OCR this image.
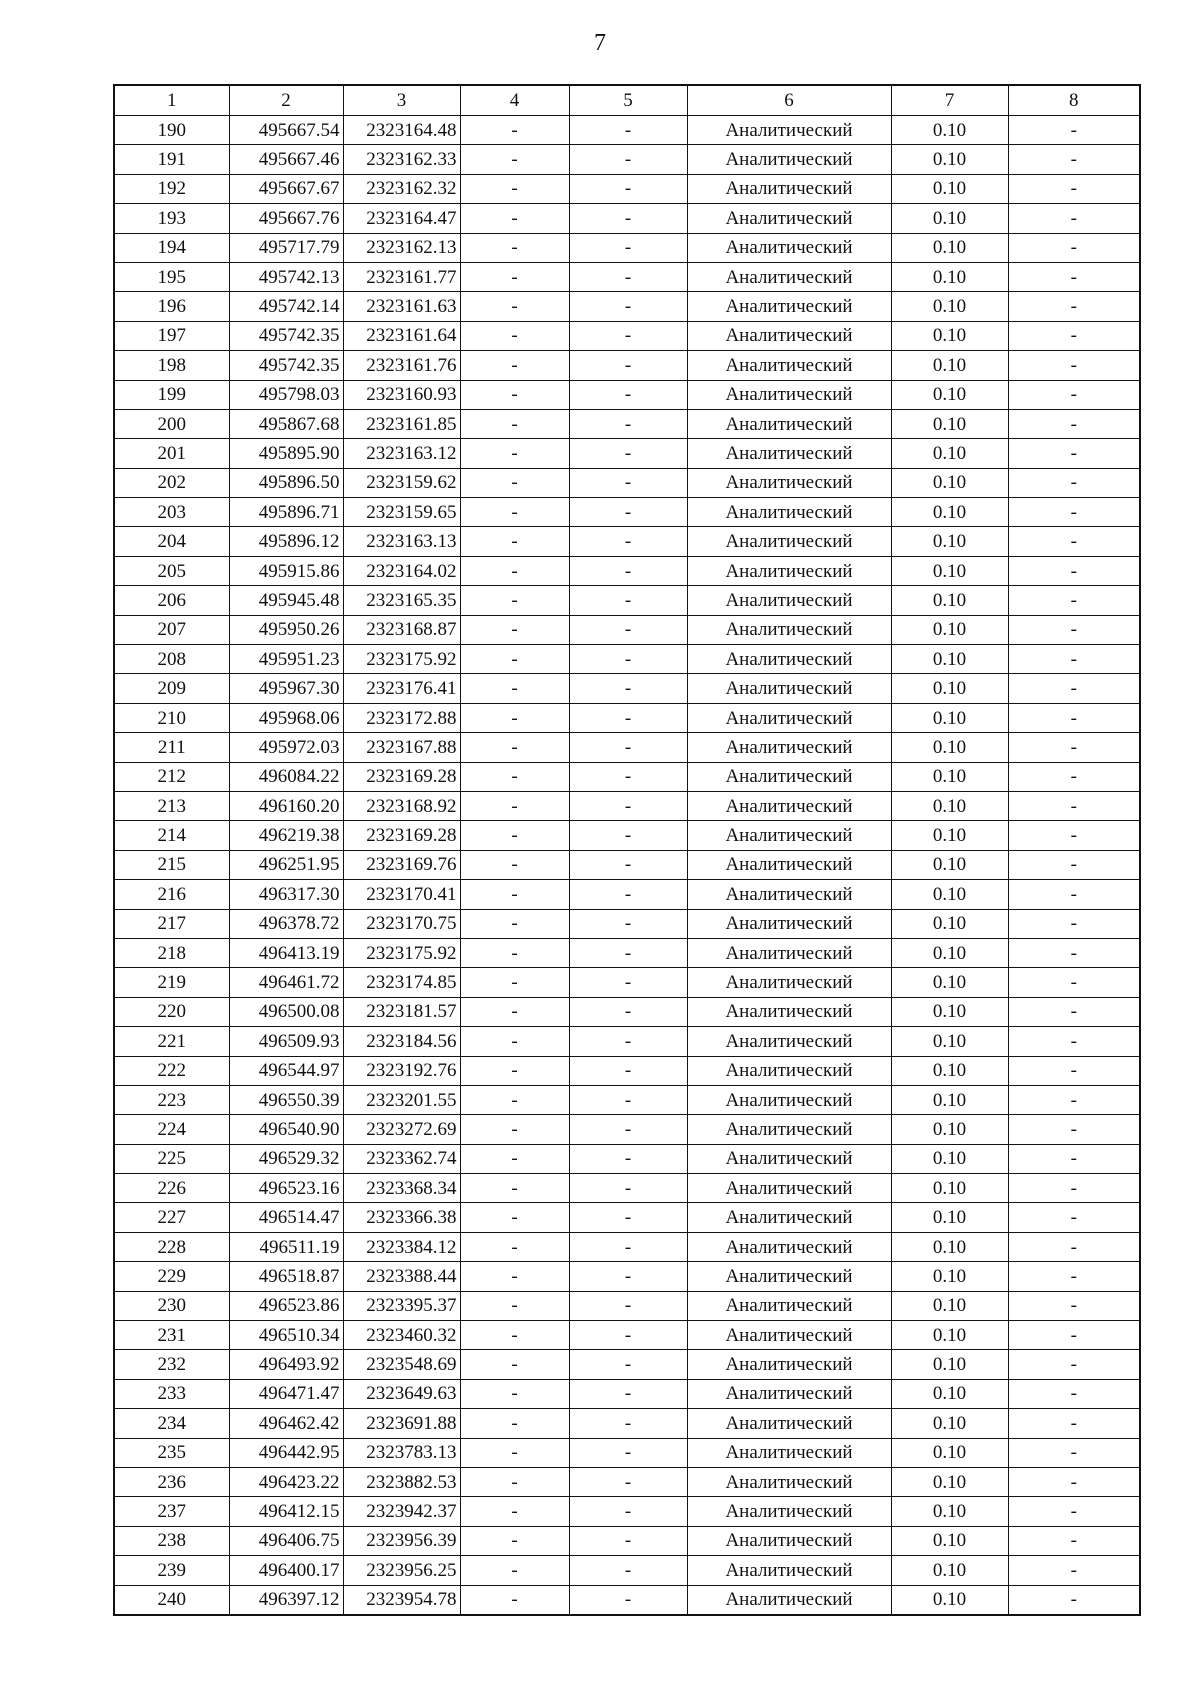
7
1	2	3	4	5	6	7	8
190	495667.54	2323164.48	-	-	Аналитический	0.10	-
191	495667.46	2323162.33	-	-	Аналитический	0.10	-
192	495667.67	2323162.32	-	-	Аналитический	0.10	-
193	495667.76	2323164.47	-	-	Аналитический	0.10	-
194	495717.79	2323162.13	-	-	Аналитический	0.10	-
195	495742.13	2323161.77	-	-	Аналитический	0.10	-
196	495742.14	2323161.63	-	-	Аналитический	0.10	-
197	495742.35	2323161.64	-	-	Аналитический	0.10	-
198	495742.35	2323161.76	-	-	Аналитический	0.10	-
199	495798.03	2323160.93	-	-	Аналитический	0.10	-
200	495867.68	2323161.85	-	-	Аналитический	0.10	-
201	495895.90	2323163.12	-	-	Аналитический	0.10	-
202	495896.50	2323159.62	-	-	Аналитический	0.10	-
203	495896.71	2323159.65	-	-	Аналитический	0.10	-
204	495896.12	2323163.13	-	-	Аналитический	0.10	-
205	495915.86	2323164.02	-	-	Аналитический	0.10	-
206	495945.48	2323165.35	-	-	Аналитический	0.10	-
207	495950.26	2323168.87	-	-	Аналитический	0.10	-
208	495951.23	2323175.92	-	-	Аналитический	0.10	-
209	495967.30	2323176.41	-	-	Аналитический	0.10	-
210	495968.06	2323172.88	-	-	Аналитический	0.10	-
211	495972.03	2323167.88	-	-	Аналитический	0.10	-
212	496084.22	2323169.28	-	-	Аналитический	0.10	-
213	496160.20	2323168.92	-	-	Аналитический	0.10	-
214	496219.38	2323169.28	-	-	Аналитический	0.10	-
215	496251.95	2323169.76	-	-	Аналитический	0.10	-
216	496317.30	2323170.41	-	-	Аналитический	0.10	-
217	496378.72	2323170.75	-	-	Аналитический	0.10	-
218	496413.19	2323175.92	-	-	Аналитический	0.10	-
219	496461.72	2323174.85	-	-	Аналитический	0.10	-
220	496500.08	2323181.57	-	-	Аналитический	0.10	-
221	496509.93	2323184.56	-	-	Аналитический	0.10	-
222	496544.97	2323192.76	-	-	Аналитический	0.10	-
223	496550.39	2323201.55	-	-	Аналитический	0.10	-
224	496540.90	2323272.69	-	-	Аналитический	0.10	-
225	496529.32	2323362.74	-	-	Аналитический	0.10	-
226	496523.16	2323368.34	-	-	Аналитический	0.10	-
227	496514.47	2323366.38	-	-	Аналитический	0.10	-
228	496511.19	2323384.12	-	-	Аналитический	0.10	-
229	496518.87	2323388.44	-	-	Аналитический	0.10	-
230	496523.86	2323395.37	-	-	Аналитический	0.10	-
231	496510.34	2323460.32	-	-	Аналитический	0.10	-
232	496493.92	2323548.69	-	-	Аналитический	0.10	-
233	496471.47	2323649.63	-	-	Аналитический	0.10	-
234	496462.42	2323691.88	-	-	Аналитический	0.10	-
235	496442.95	2323783.13	-	-	Аналитический	0.10	-
236	496423.22	2323882.53	-	-	Аналитический	0.10	-
237	496412.15	2323942.37	-	-	Аналитический	0.10	-
238	496406.75	2323956.39	-	-	Аналитический	0.10	-
239	496400.17	2323956.25	-	-	Аналитический	0.10	-
240	496397.12	2323954.78	-	-	Аналитический	0.10	-
